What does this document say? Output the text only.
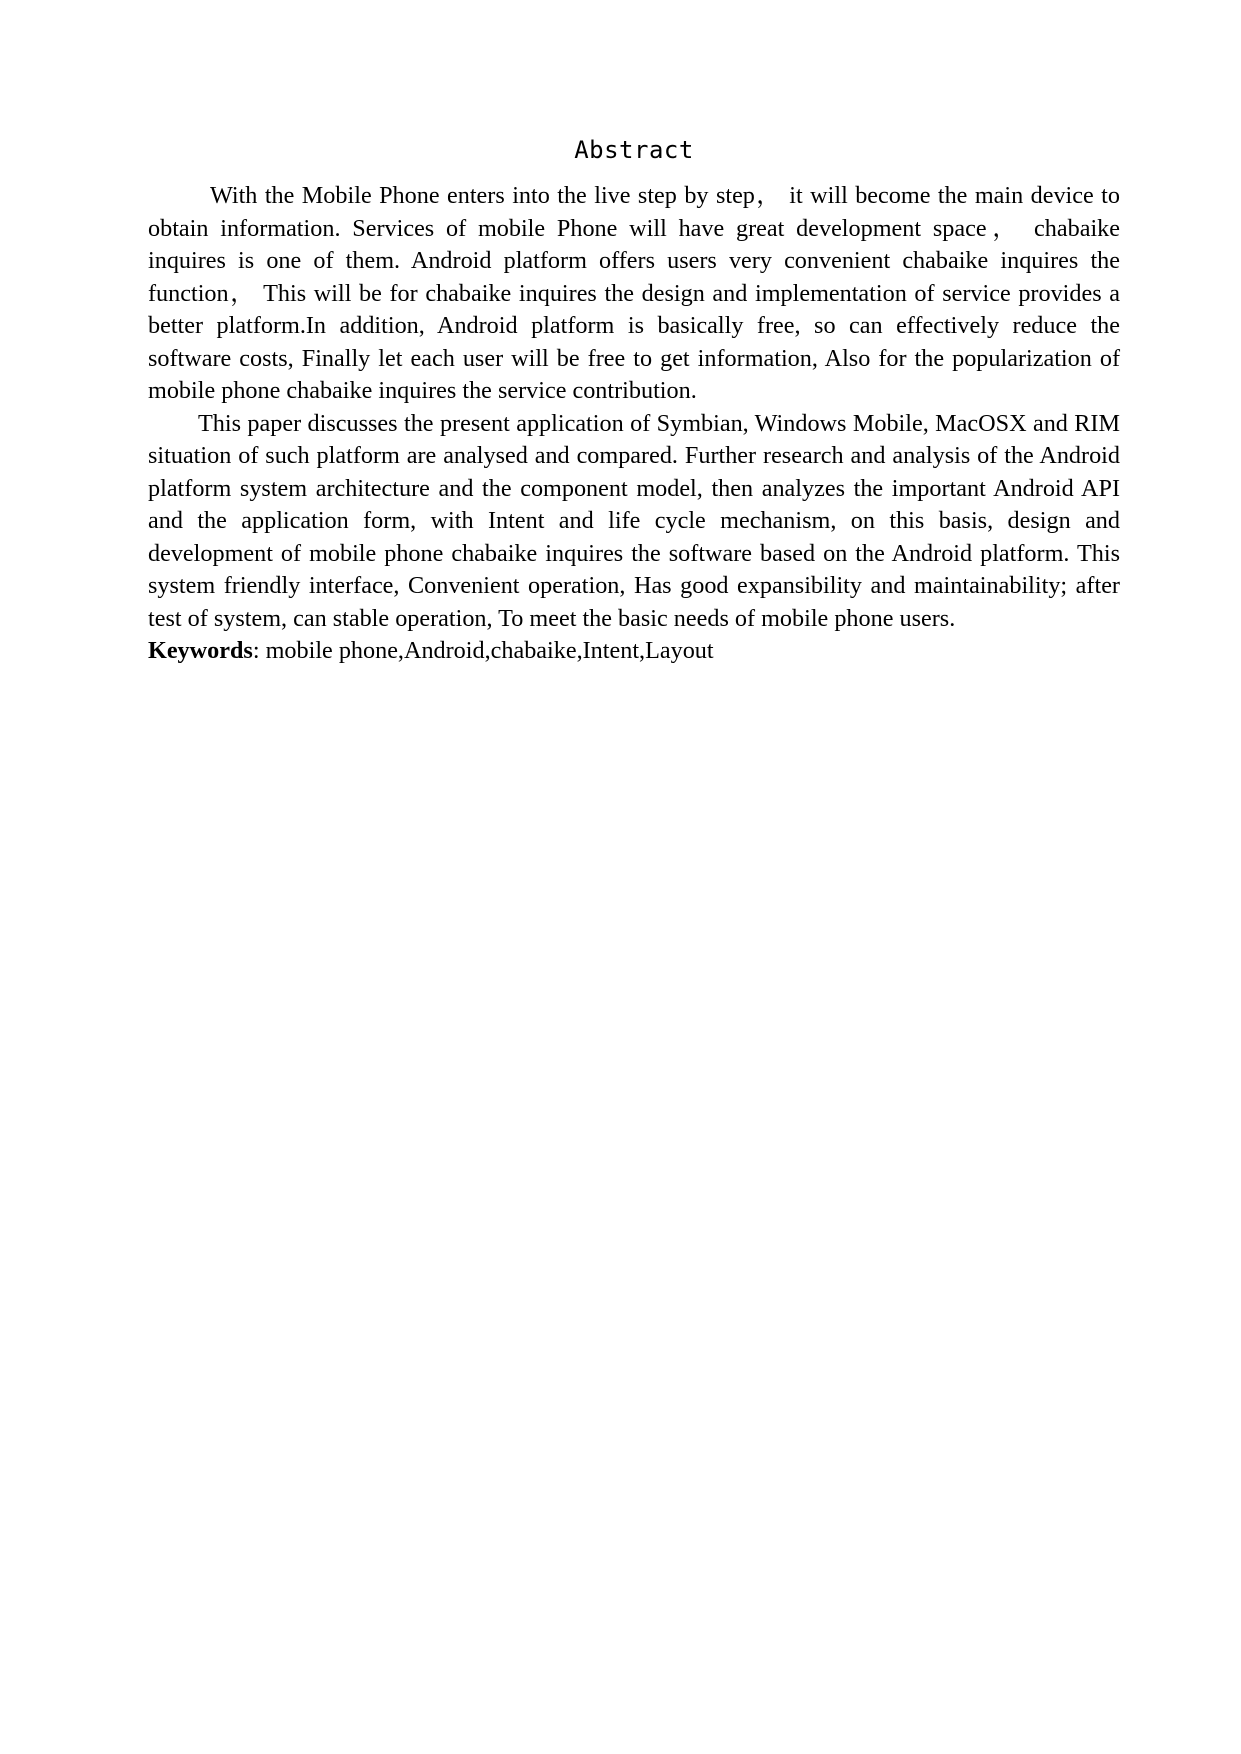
Abstract

With the Mobile Phone enters into the live step by step， it will become the main device to obtain information. Services of mobile Phone will have great development space， chabaike inquires is one of them. Android platform offers users very convenient chabaike inquires the function， This will be for chabaike inquires the design and implementation of service provides a better platform.In addition, Android platform is basically free, so can effectively reduce the software costs, Finally let each user will be free to get information, Also for the popularization of mobile phone chabaike inquires the service contribution.

This paper discusses the present application of Symbian, Windows Mobile, MacOSX and RIM situation of such platform are analysed and compared. Further research and analysis of the Android platform system architecture and the component model, then analyzes the important Android API and the application form, with Intent and life cycle mechanism, on this basis, design and development of mobile phone chabaike inquires the software based on the Android platform. This system friendly interface, Convenient operation, Has good expansibility and maintainability; after test of system, can stable operation, To meet the basic needs of mobile phone users.

Keywords: mobile phone,Android,chabaike,Intent,Layout
